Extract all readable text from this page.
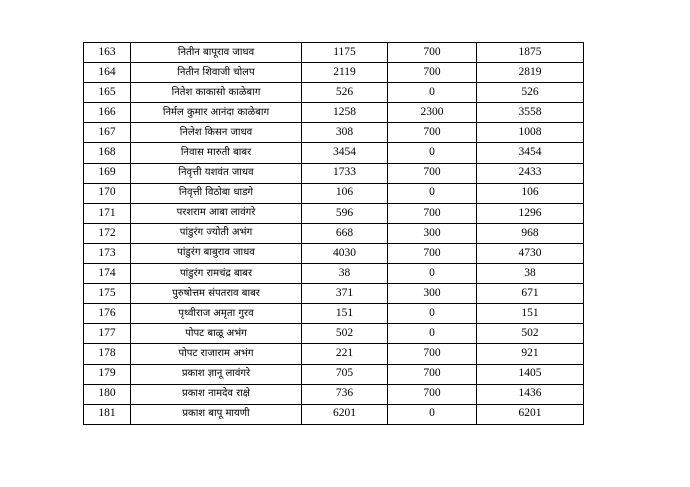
163	नितीन बापूराव जाधव	1175	700	1875
164	नितीन शिवाजी चोलप	2119	700	2819
165	नितेश काकासो काळेबाग	526	0	526
166	निर्मल कुमार आनंदा काळेबाग	1258	2300	3558
167	निलेश किसन जाधव	308	700	1008
168	निवास मारुती बाबर	3454	0	3454
169	निवृत्ती यशवंत जाधव	1733	700	2433
170	निवृत्ती विठोबा धाडगे	106	0	106
171	परशराम आबा लावंगरे	596	700	1296
172	पांडुरंग ज्योती अभंग	668	300	968
173	पांडुरंग बाबुराव जाधव	4030	700	4730
174	पांडुरंग रामचंद्र बाबर	38	0	38
175	पुरुषोत्तम संपतराव बाबर	371	300	671
176	पृथ्वीराज अमृता गुरव	151	0	151
177	पोपट बाळू अभंग	502	0	502
178	पोपट राजाराम अभंग	221	700	921
179	प्रकाश ज्ञानू लावंगरे	705	700	1405
180	प्रकाश नामदेव राक्षे	736	700	1436
181	प्रकाश बापू मायणी	6201	0	6201
